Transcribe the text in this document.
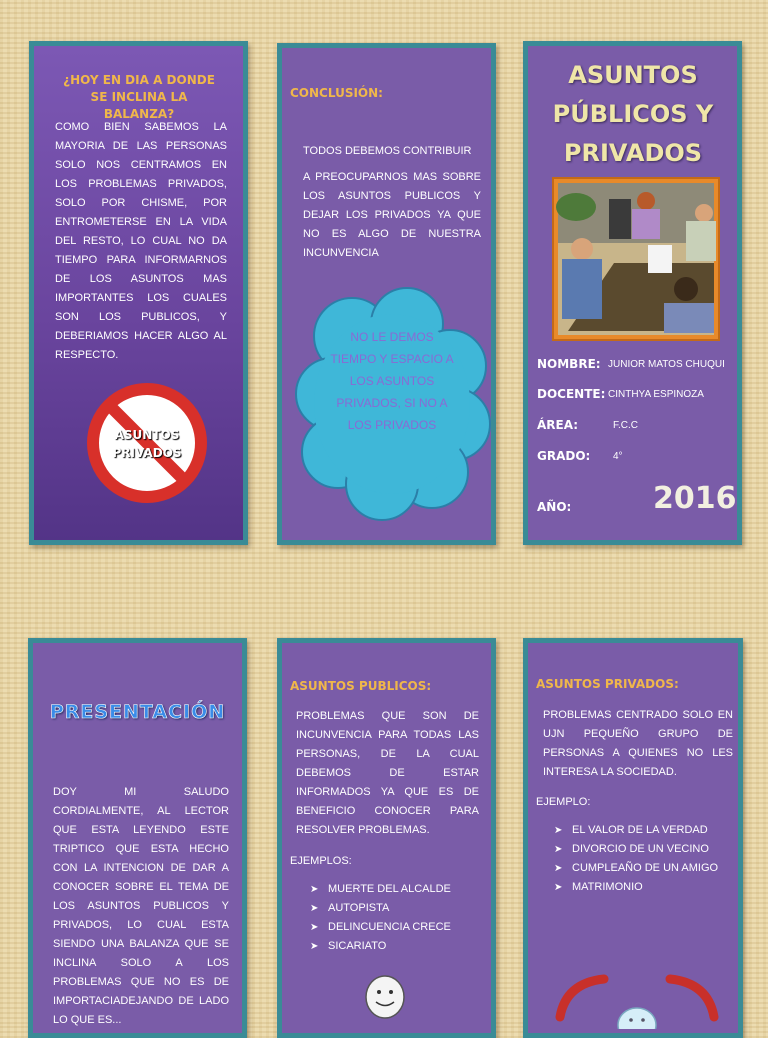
¿HOY EN DIA A DONDE SE INCLINA LA BALANZA?

COMO BIEN SABEMOS LA MAYORIA DE LAS PERSONAS SOLO NOS CENTRAMOS EN LOS PROBLEMAS PRIVADOS, SOLO POR CHISME, POR ENTROMETERSE EN LA VIDA DEL RESTO, LO CUAL NO DA TIEMPO PARA INFORMARNOS DE LOS ASUNTOS MAS IMPORTANTES LOS CUALES SON LOS PUBLICOS, Y DEBERIAMOS HACER ALGO AL RESPECTO.

ASUNTOS
PRIVADOS
CONCLUSIÓN:

TODOS DEBEMOS CONTRIBUIR

A PREOCUPARNOS MAS SOBRE LOS ASUNTOS PUBLICOS Y DEJAR LOS PRIVADOS YA QUE NO ES ALGO DE NUESTRA INCUNVENCIA

NO LE DEMOS TIEMPO Y ESPACIO A LOS ASUNTOS PRIVADOS, SI NO A LOS PRIVADOS
ASUNTOS PÚBLICOS Y PRIVADOS
NOMBRE: JUNIOR MATOS CHUQUI
DOCENTE: CINTHYA ESPINOZA
ÁREA:	F.C.C
GRADO: 4°
AÑO:	2016
PRESENTACIÓN

DOY MI SALUDO CORDIALMENTE, AL LECTOR QUE ESTA LEYENDO ESTE TRIPTICO QUE ESTA HECHO CON LA INTENCION DE DAR A CONOCER SOBRE EL TEMA DE LOS ASUNTOS PUBLICOS Y PRIVADOS, LO CUAL ESTA SIENDO UNA BALANZA QUE SE INCLINA SOLO A LOS PROBLEMAS QUE NO ES DE IMPORTACIADEJANDO DE LADO LO QUE ES...

ASUNTOS PUBLICOS:

PROBLEMAS QUE SON DE INCUNVENCIA PARA TODAS LAS PERSONAS, DE LA CUAL DEBEMOS DE ESTAR INFORMADOS YA QUE ES DE BENEFICIO CONOCER PARA RESOLVER PROBLEMAS.

EJEMPLOS:
➤ MUERTE DEL ALCALDE
➤ AUTOPISTA
➤ DELINCUENCIA CRECE
➤ SICARIATO
ASUNTOS PRIVADOS:

PROBLEMAS CENTRADO SOLO EN UJN PEQUEÑO GRUPO DE PERSONAS A QUIENES NO LES INTERESA LA SOCIEDAD.

EJEMPLO:
➤ EL VALOR DE LA VERDAD
➤ DIVORCIO DE UN VECINO
➤ CUMPLEAÑO DE UN AMIGO
➤ MATRIMONIO
